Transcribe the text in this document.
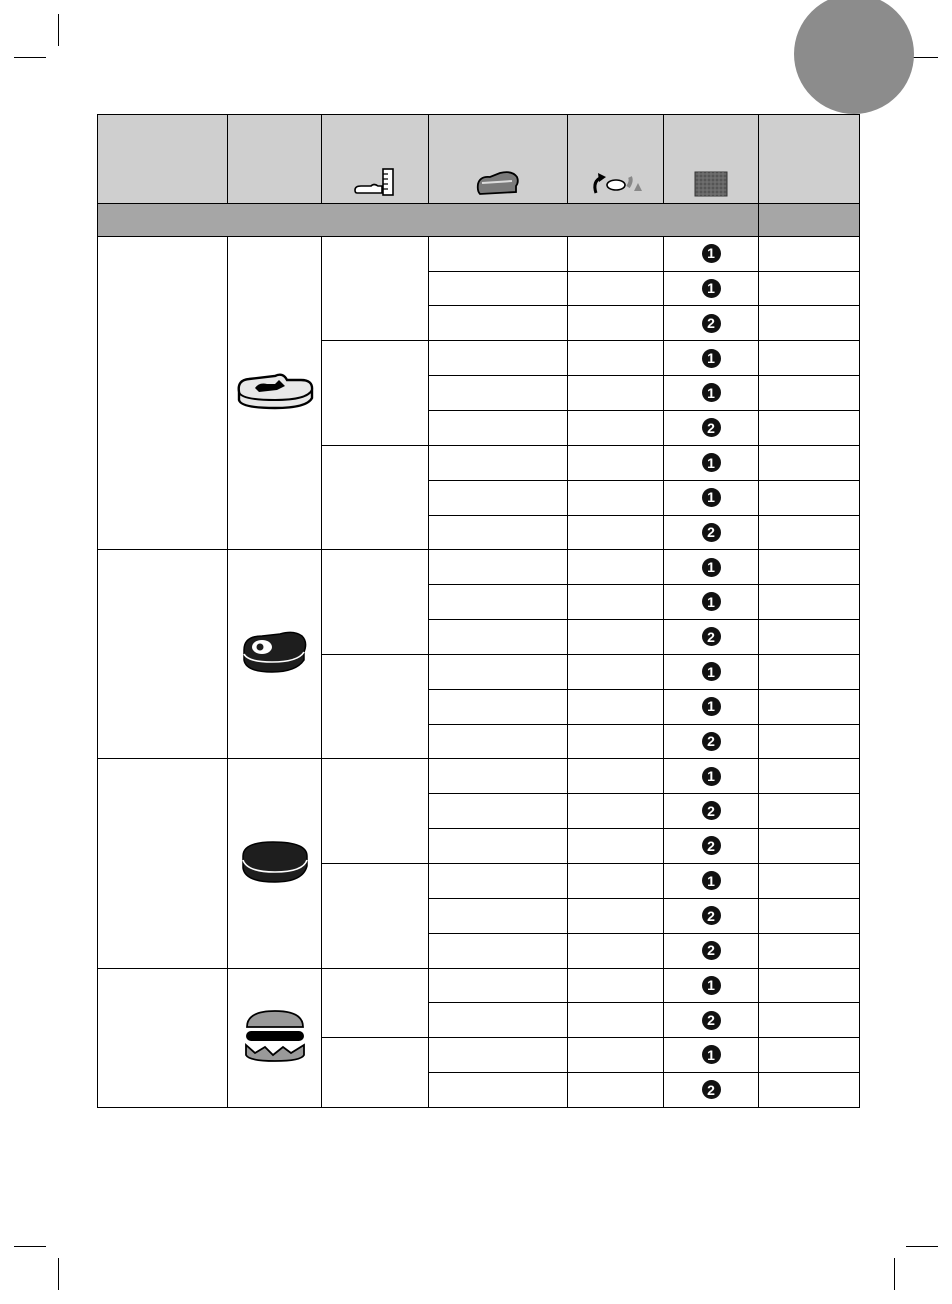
					1	
					1	
					2	
					1	
					1	
					2	
					1	
					1	
					2	
					1	
					1	
					2	
					1	
					1	
					2	
					1	
					2	
					2	
					1	
					2	
					2	
					1	
					2	
					1	
					2	
